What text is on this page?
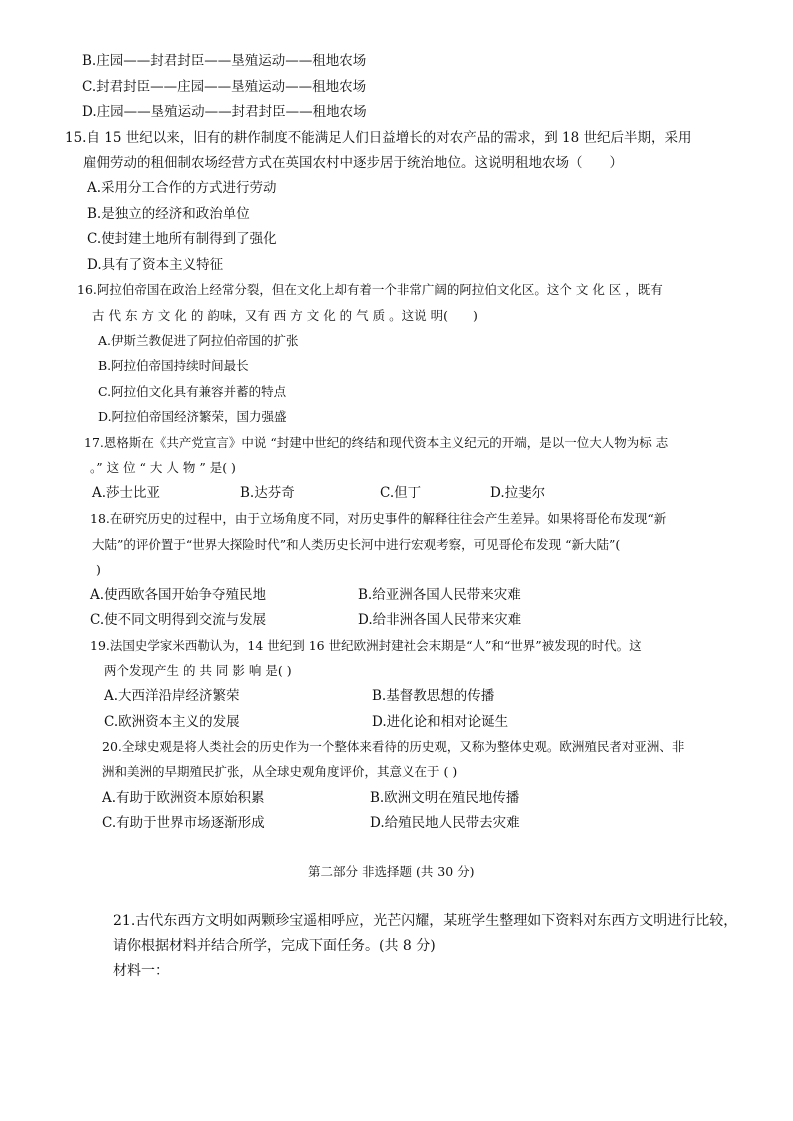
B.庄园——封君封臣——垦殖运动——租地农场
C.封君封臣——庄园——垦殖运动——租地农场
D.庄园——垦殖运动——封君封臣——租地农场
15.自 15 世纪以来，旧有的耕作制度不能满足人们日益增长的对农产品的需求，到 18 世纪后半期，采用
雇佣劳动的租佃制农场经营方式在英国农村中逐步居于统治地位。这说明租地农场（　　）
A.采用分工合作的方式进行劳动
B.是独立的经济和政治单位
C.使封建土地所有制得到了强化
D.具有了资本主义特征
16.阿拉伯帝国在政治上经常分裂，但在文化上却有着一个非常广阔的阿拉伯文化区。这个 文 化 区 ，既有
古 代 东 方 文 化 的 韵味，又有 西 方 文 化 的 气 质 。这说 明(　　)
A.伊斯兰教促进了阿拉伯帝国的扩张
B.阿拉伯帝国持续时间最长
C.阿拉伯文化具有兼容并蓄的特点
D.阿拉伯帝国经济繁荣，国力强盛
17.恩格斯在《共产党宣言》中说 “封建中世纪的终结和现代资本主义纪元的开端，是以一位大人物为标 志
。” 这 位 “ 大 人 物 ” 是( )
A.莎士比亚	B.达芬奇	C.但丁	D.拉斐尔
18.在研究历史的过程中，由于立场角度不同，对历史事件的解释往往会产生差异。如果将哥伦布发现“新
大陆”的评价置于“世界大探险时代”和人类历史长河中进行宏观考察，可见哥伦布发现 “新大陆”(
)
A.使西欧各国开始争夺殖民地	B.给亚洲各国人民带来灾难
C.使不同文明得到交流与发展	D.给非洲各国人民带来灾难
19.法国史学家米西勒认为，14 世纪到 16 世纪欧洲封建社会末期是“人”和“世界”被发现的时代。这
两个发现产生 的 共 同 影 响 是( )
A.大西洋沿岸经济繁荣	B.基督教思想的传播
C.欧洲资本主义的发展	D.进化论和相对论诞生
20.全球史观是将人类社会的历史作为一个整体来看待的历史观，又称为整体史观。欧洲殖民者对亚洲、非
洲和美洲的早期殖民扩张，从全球史观角度评价，其意义在于 ( )
A.有助于欧洲资本原始积累	B.欧洲文明在殖民地传播
C.有助于世界市场逐渐形成	D.给殖民地人民带去灾难
第二部分 非选择题 (共 30 分)
21.古代东西方文明如两颗珍宝遥相呼应，光芒闪耀，某班学生整理如下资料对东西方文明进行比较，
请你根据材料并结合所学，完成下面任务。(共 8 分)
材料一：
